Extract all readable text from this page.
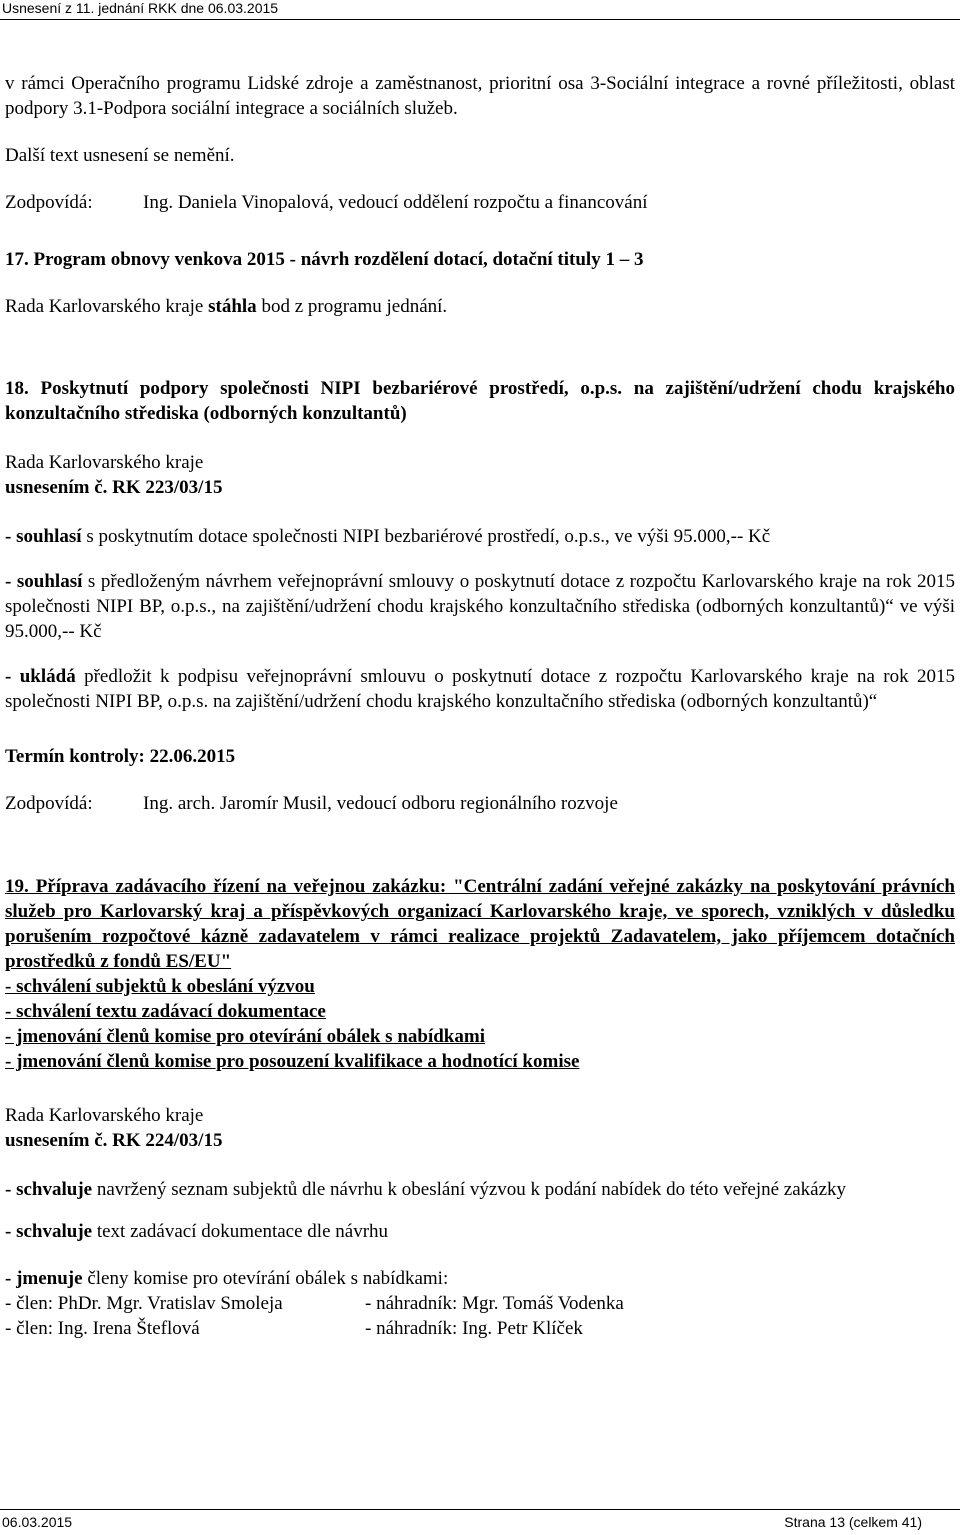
Usnesení z 11. jednání RKK dne 06.03.2015

v rámci Operačního programu Lidské zdroje a zaměstnanost, prioritní osa 3-Sociální integrace a rovné příležitosti, oblast podpory 3.1-Podpora sociální integrace a sociálních služeb.

Další text usnesení se nemění.

Zodpovídá:	Ing. Daniela Vinopalová, vedoucí oddělení rozpočtu a financování

17. Program obnovy venkova 2015 - návrh rozdělení dotací, dotační tituly 1 – 3

Rada Karlovarského kraje stáhla bod z programu jednání.

18. Poskytnutí podpory společnosti NIPI bezbariérové prostředí, o.p.s. na zajištění/udržení chodu krajského konzultačního střediska (odborných konzultantů)

Rada Karlovarského kraje

usnesením č. RK 223/03/15

- souhlasí s poskytnutím dotace společnosti NIPI bezbariérové prostředí, o.p.s., ve výši 95.000,-- Kč

- souhlasí s předloženým návrhem veřejnoprávní smlouvy o poskytnutí dotace z rozpočtu Karlovarského kraje na rok 2015 společnosti NIPI BP, o.p.s., na zajištění/udržení chodu krajského konzultačního střediska (odborných konzultantů)“ ve výši 95.000,-- Kč

- ukládá předložit k podpisu veřejnoprávní smlouvu o poskytnutí dotace z rozpočtu Karlovarského kraje na rok 2015 společnosti NIPI BP, o.p.s. na zajištění/udržení chodu krajského konzultačního střediska (odborných konzultantů)“

Termín kontroly: 22.06.2015

Zodpovídá:	Ing. arch. Jaromír Musil, vedoucí odboru regionálního rozvoje

19. Příprava zadávacího řízení na veřejnou zakázku: "Centrální zadání veřejné zakázky na poskytování právních služeb pro Karlovarský kraj a příspěvkových organizací Karlovarského kraje, ve sporech, vzniklých v důsledku porušením rozpočtové kázně zadavatelem v rámci realizace projektů Zadavatelem, jako příjemcem dotačních prostředků z fondů ES/EU"

- schválení subjektů k obeslání výzvou

- schválení textu zadávací dokumentace

- jmenování členů komise pro otevírání obálek s nabídkami

- jmenování členů komise pro posouzení kvalifikace a hodnotící komise

Rada Karlovarského kraje

usnesením č. RK 224/03/15

- schvaluje navržený seznam subjektů dle návrhu k obeslání výzvou k podání nabídek do této veřejné zakázky

- schvaluje text zadávací dokumentace dle návrhu

- jmenuje členy komise pro otevírání obálek s nabídkami:

- člen: PhDr. Mgr. Vratislav Smoleja	- náhradník: Mgr. Tomáš Vodenka

- člen: Ing. Irena Šteflová	- náhradník: Ing. Petr Klíček

06.03.2015	Strana 13 (celkem 41)
